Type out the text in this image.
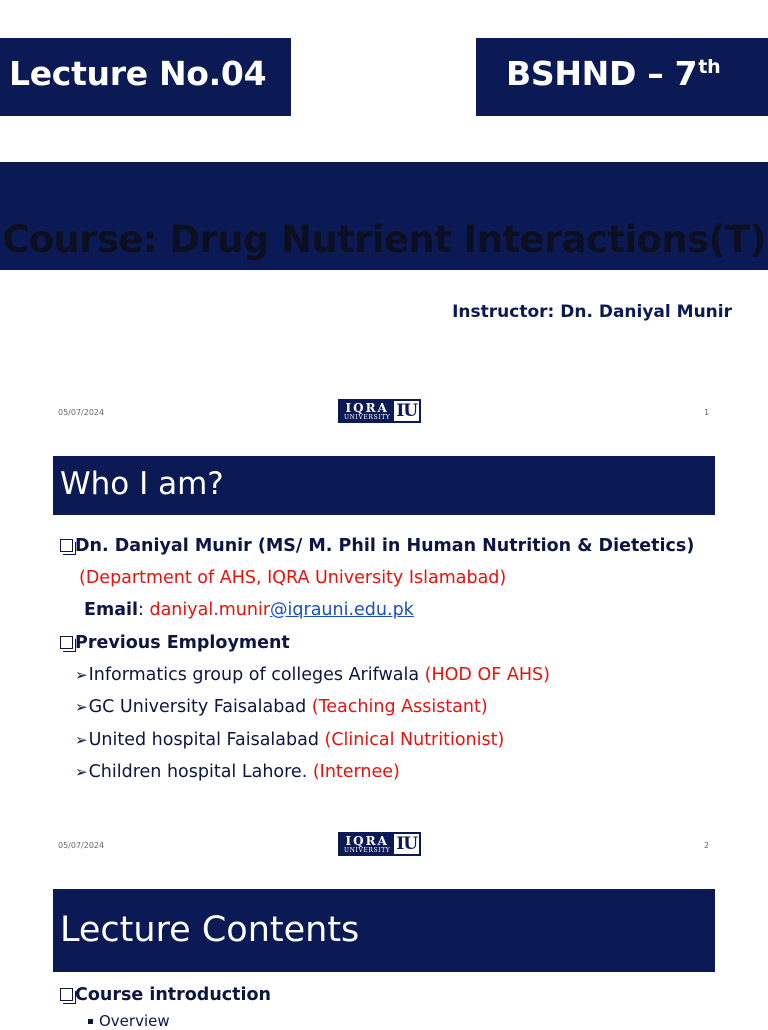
Lecture No.04	BSHND – 7th
Course: Drug Nutrient Interactions(T)
Instructor: Dn. Daniyal Munir
05/07/2024	IQRA
UNIVERSITY IU	1
Who I am?
Dn. Daniyal Munir (MS/ M. Phil in Human Nutrition & Dietetics)
(Department of AHS, IQRA University Islamabad)
Email: daniyal.munir@iqrauni.edu.pk
Previous Employment
➢Informatics group of colleges Arifwala (HOD OF AHS)
➢GC University Faisalabad (Teaching Assistant)
➢United hospital Faisalabad (Clinical Nutritionist)
➢Children hospital Lahore. (Internee)
05/07/2024	IQRA
UNIVERSITY IU	2
Lecture Contents
Course introduction
Overview
